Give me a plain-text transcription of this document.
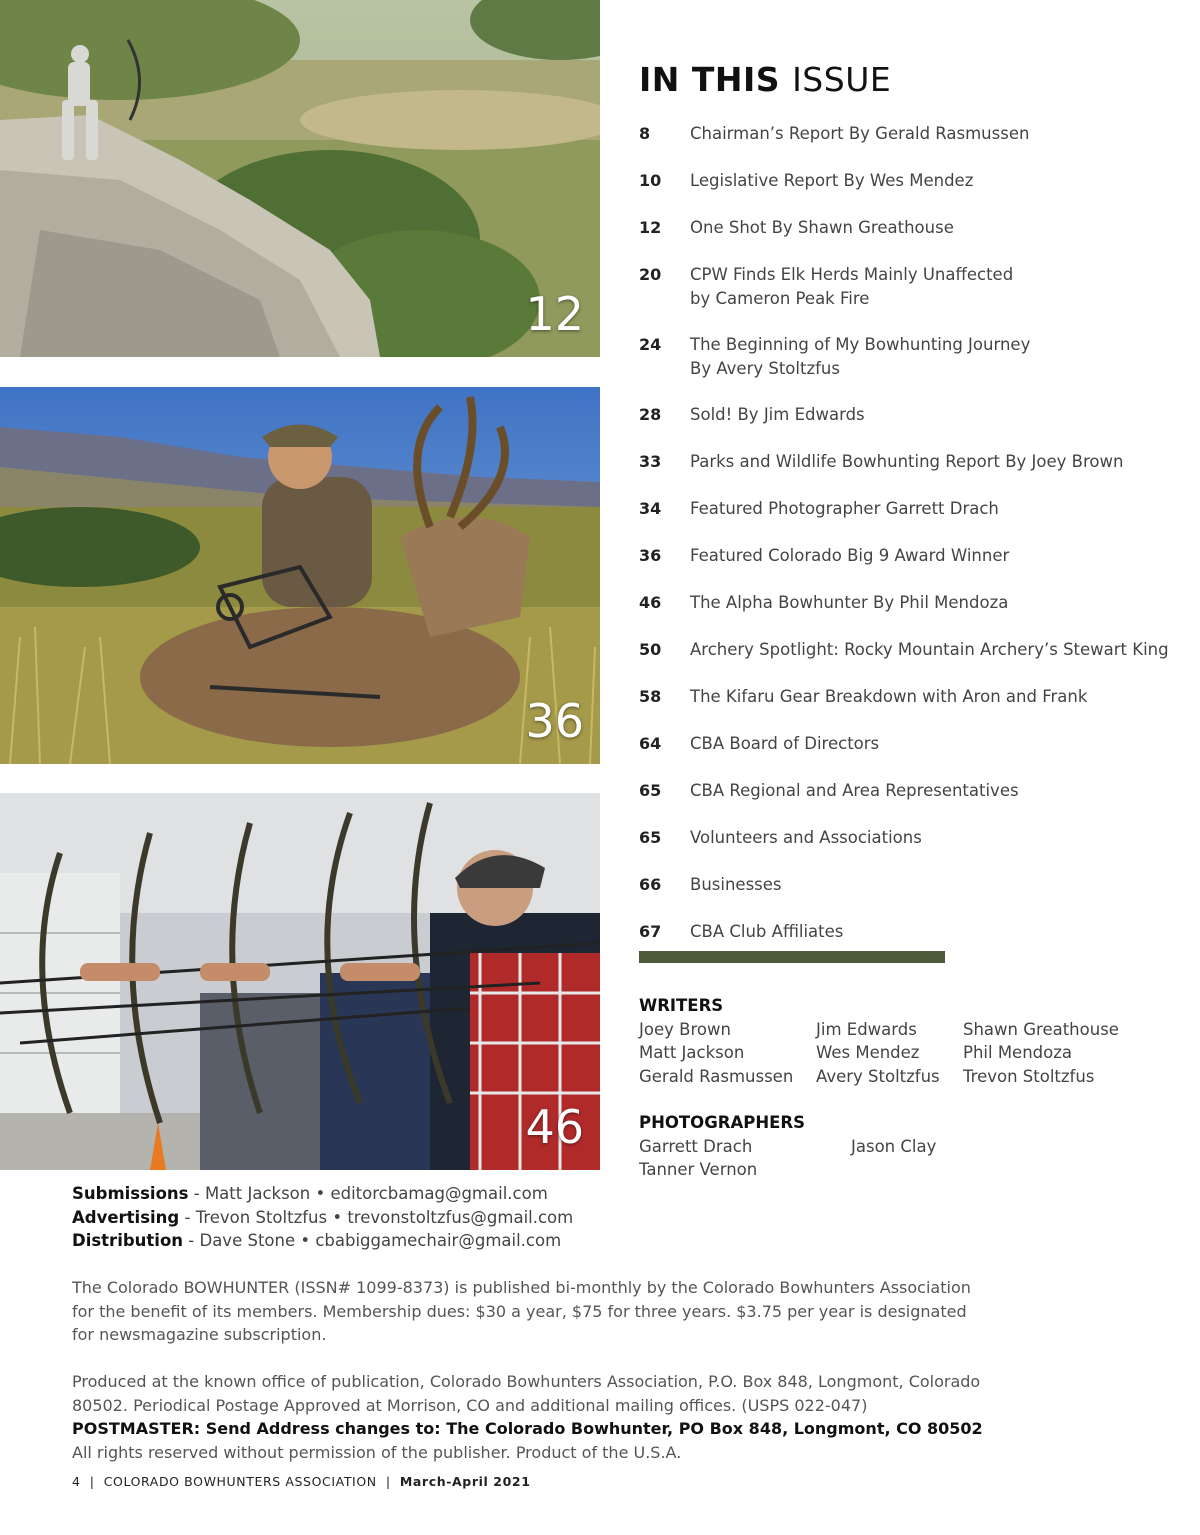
12
36
46
IN THIS ISSUE
8 Chairman’s Report By Gerald Rasmussen
10 Legislative Report By Wes Mendez
12 One Shot By Shawn Greathouse
20 CPW Finds Elk Herds Mainly Unaffected
by Cameron Peak Fire
24 The Beginning of My Bowhunting Journey
By Avery Stoltzfus
28 Sold! By Jim Edwards
33 Parks and Wildlife Bowhunting Report By Joey Brown
34 Featured Photographer Garrett Drach
36 Featured Colorado Big 9 Award Winner
46 The Alpha Bowhunter By Phil Mendoza
50 Archery Spotlight: Rocky Mountain Archery’s Stewart King
58 The Kifaru Gear Breakdown with Aron and Frank
64 CBA Board of Directors
65 CBA Regional and Area Representatives
65 Volunteers and Associations
66 Businesses
67 CBA Club Affiliates
WRITERS
Joey Brown	Jim Edwards	Shawn Greathouse
Matt Jackson	Wes Mendez	Phil Mendoza
Gerald Rasmussen	Avery Stoltzfus	Trevon Stoltzfus
PHOTOGRAPHERS
Garrett Drach	Jason Clay
Tanner Vernon
Submissions - Matt Jackson • editorcbamag@gmail.com
Advertising - Trevon Stoltzfus • trevonstoltzfus@gmail.com
Distribution - Dave Stone • cbabiggamechair@gmail.com

The Colorado BOWHUNTER (ISSN# 1099-8373) is published bi-monthly by the Colorado Bowhunters Association for the benefit of its members. Membership dues: $30 a year, $75 for three years. $3.75 per year is designated for newsmagazine subscription.

Produced at the known office of publication, Colorado Bowhunters Association, P.O. Box 848, Longmont, Colorado 80502. Periodical Postage Approved at Morrison, CO and additional mailing offices. (USPS 022-047)
POSTMASTER: Send Address changes to: The Colorado Bowhunter, PO Box 848, Longmont, CO 80502
All rights reserved without permission of the publisher. Product of the U.S.A.
4 | COLORADO BOWHUNTERS ASSOCIATION | March-April 2021
